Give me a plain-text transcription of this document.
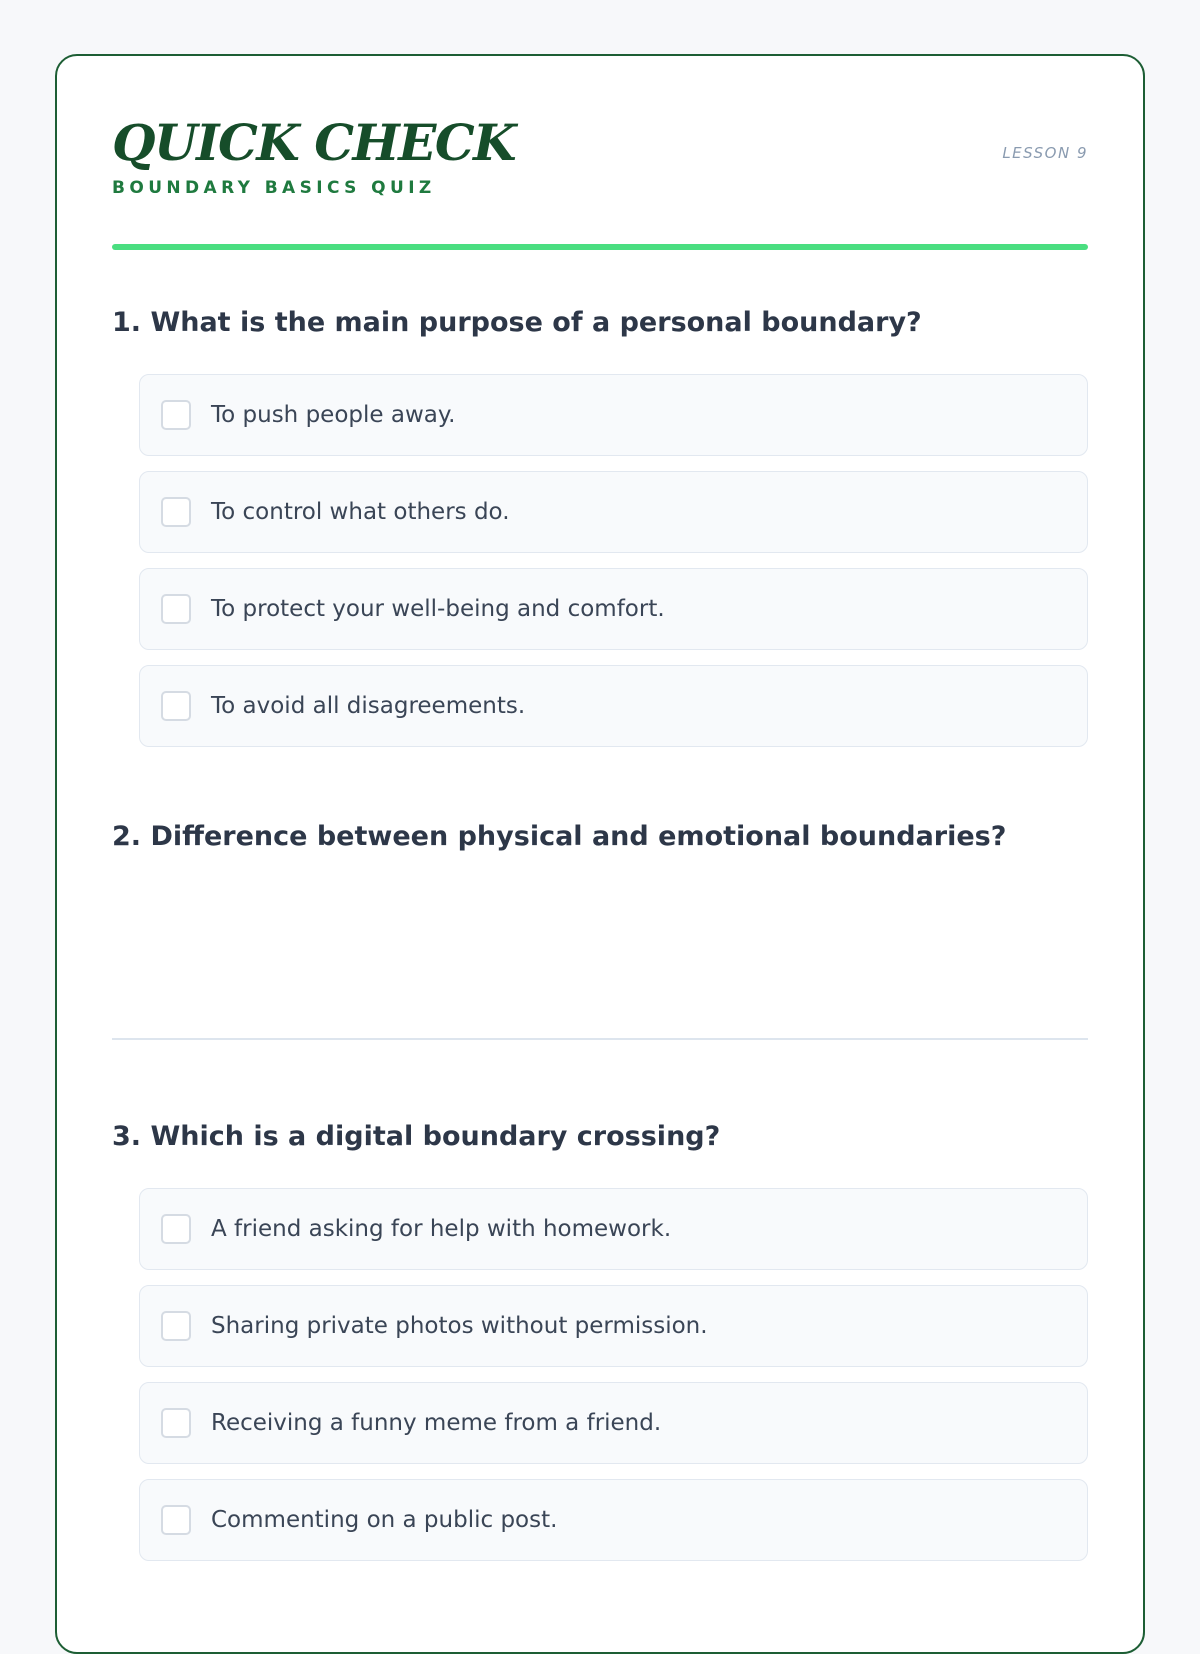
QUICK CHECK
BOUNDARY BASICS QUIZ
LESSON 9
1. What is the main purpose of a personal boundary?
To push people away.
To control what others do.
To protect your well-being and comfort.
To avoid all disagreements.
2. Difference between physical and emotional boundaries?
3. Which is a digital boundary crossing?
A friend asking for help with homework.
Sharing private photos without permission.
Receiving a funny meme from a friend.
Commenting on a public post.
